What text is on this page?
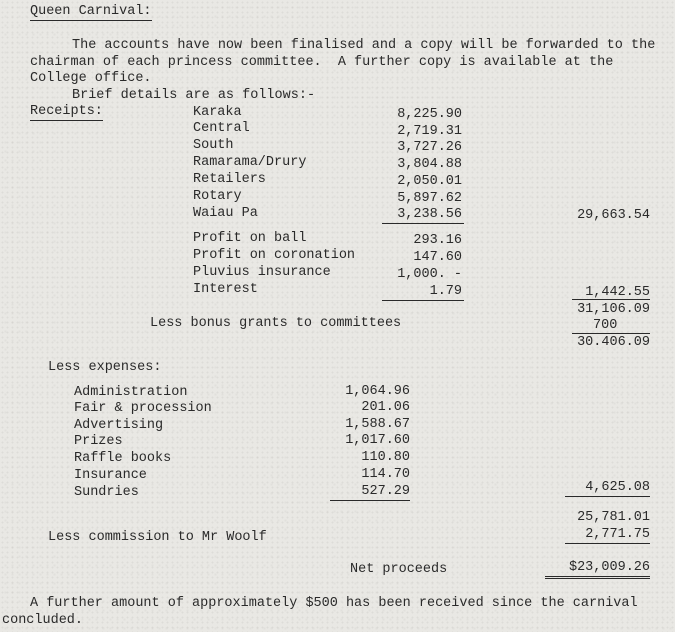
Queen Carnival:
The accounts have now been finalised and a copy will be forwarded to the
chairman of each princess committee.  A further copy is available at the
College office.
Brief details are as follows:-
Receipts:	Karaka	8,225.90
Central	2,719.31
South	3,727.26
Ramarama/Drury	3,804.88
Retailers	2,050.01
Rotary	5,897.62
Waiau Pa	3,238.56	29,663.54
Profit on ball	293.16
Profit on coronation	147.60
Pluvius insurance	1,000. -
Interest	1.79	1,442.55
31,106.09
Less bonus grants to committees	700
30.406.09
Less expenses:
Administration	1,064.96
Fair & procession	201.06
Advertising	1,588.67
Prizes	1,017.60
Raffle books	110.80
Insurance	114.70
Sundries	527.29	4,625.08
25,781.01
Less commission to Mr Woolf	2,771.75
Net proceeds	$23,009.26
A further amount of approximately $500 has been received since the carnival
concluded.
